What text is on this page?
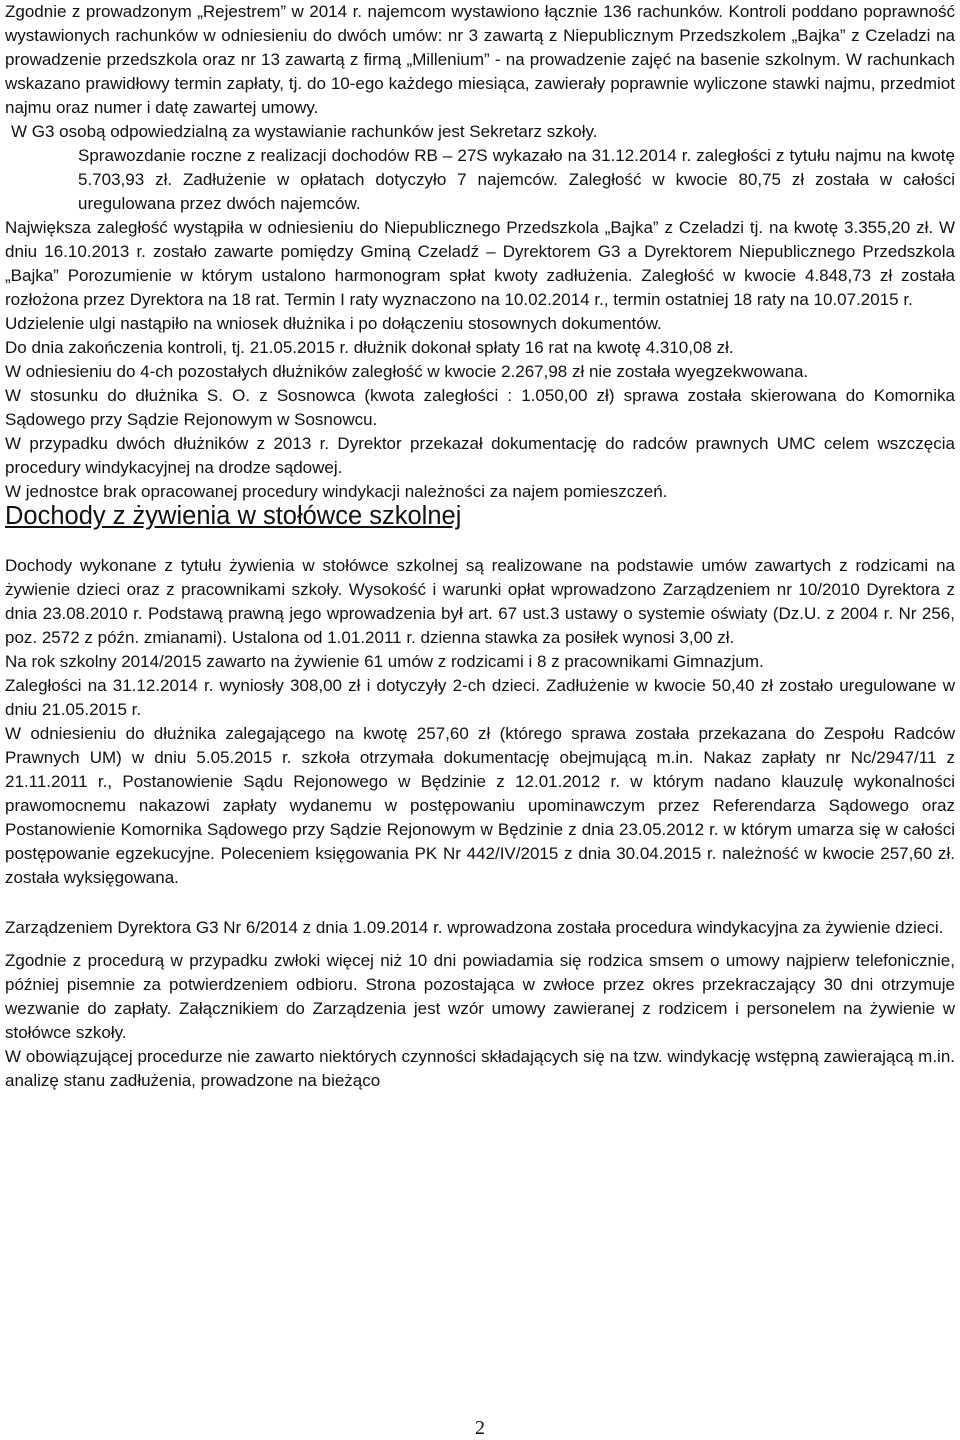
Zgodnie z prowadzonym „Rejestrem” w 2014 r. najemcom wystawiono łącznie 136 rachunków. Kontroli poddano poprawność wystawionych rachunków w odniesieniu do dwóch umów: nr 3 zawartą z Niepublicznym Przedszkolem „Bajka” z Czeladzi na prowadzenie przedszkola oraz nr 13 zawartą z firmą „Millenium” - na prowadzenie zajęć na basenie szkolnym. W rachunkach wskazano prawidłowy termin zapłaty, tj. do 10-ego każdego miesiąca, zawierały poprawnie wyliczone stawki najmu, przedmiot najmu oraz numer i datę zawartej umowy.

W G3 osobą odpowiedzialną za wystawianie rachunków jest Sekretarz szkoły.

Sprawozdanie roczne z realizacji dochodów RB – 27S wykazało na 31.12.2014 r. zaległości z tytułu najmu na kwotę 5.703,93 zł. Zadłużenie w opłatach dotyczyło 7 najemców. Zaległość w kwocie 80,75 zł została w całości uregulowana przez dwóch najemców.

Największa zaległość wystąpiła w odniesieniu do Niepublicznego Przedszkola „Bajka” z Czeladzi tj. na kwotę 3.355,20 zł. W dniu 16.10.2013 r. zostało zawarte pomiędzy Gminą Czeladź – Dyrektorem G3 a Dyrektorem Niepublicznego Przedszkola „Bajka” Porozumienie w którym ustalono harmonogram spłat kwoty zadłużenia. Zaległość w kwocie 4.848,73 zł została rozłożona przez Dyrektora na 18 rat. Termin I raty wyznaczono na 10.02.2014 r., termin ostatniej 18 raty na 10.07.2015 r.

Udzielenie ulgi nastąpiło na wniosek dłużnika i po dołączeniu stosownych dokumentów.

Do dnia zakończenia kontroli, tj. 21.05.2015 r. dłużnik dokonał spłaty 16 rat na kwotę 4.310,08 zł.

W odniesieniu do 4-ch pozostałych dłużników zaległość w kwocie 2.267,98 zł nie została wyegzekwowana.

W stosunku do dłużnika S. O. z Sosnowca (kwota zaległości : 1.050,00 zł) sprawa została skierowana do Komornika Sądowego przy Sądzie Rejonowym w Sosnowcu.

W przypadku dwóch dłużników z 2013 r. Dyrektor przekazał dokumentację do radców prawnych UMC celem wszczęcia procedury windykacyjnej na drodze sądowej.

W jednostce brak opracowanej procedury windykacji należności za najem pomieszczeń.

Dochody z żywienia w stołówce szkolnej

Dochody wykonane z tytułu żywienia w stołówce szkolnej są realizowane na podstawie umów zawartych z rodzicami na żywienie dzieci oraz z pracownikami szkoły. Wysokość i warunki opłat wprowadzono Zarządzeniem nr 10/2010 Dyrektora z dnia 23.08.2010 r. Podstawą prawną jego wprowadzenia był art. 67 ust.3 ustawy o systemie oświaty (Dz.U. z 2004 r. Nr 256, poz. 2572 z późn. zmianami). Ustalona od 1.01.2011 r. dzienna stawka za posiłek wynosi 3,00 zł.

Na rok szkolny 2014/2015 zawarto na żywienie 61 umów z rodzicami i 8 z pracownikami Gimnazjum.

Zaległości na 31.12.2014 r. wyniosły 308,00 zł i dotyczyły 2-ch dzieci. Zadłużenie w kwocie 50,40 zł zostało uregulowane w dniu 21.05.2015 r.

W odniesieniu do dłużnika zalegającego na kwotę 257,60 zł (którego sprawa została przekazana do Zespołu Radców Prawnych UM) w dniu 5.05.2015 r. szkoła otrzymała dokumentację obejmującą m.in. Nakaz zapłaty nr Nc/2947/11 z 21.11.2011 r., Postanowienie Sądu Rejonowego w Będzinie z 12.01.2012 r. w którym nadano klauzulę wykonalności prawomocnemu nakazowi zapłaty wydanemu w postępowaniu upominawczym przez Referendarza Sądowego oraz Postanowienie Komornika Sądowego przy Sądzie Rejonowym w Będzinie z dnia 23.05.2012 r. w którym umarza się w całości postępowanie egzekucyjne. Poleceniem księgowania PK Nr 442/IV/2015 z dnia 30.04.2015 r. należność w kwocie 257,60 zł. została wyksięgowana.

Zarządzeniem Dyrektora G3 Nr 6/2014 z dnia 1.09.2014 r. wprowadzona została procedura windykacyjna za żywienie dzieci.

Zgodnie z procedurą w przypadku zwłoki więcej niż 10 dni powiadamia się rodzica smsem o umowy najpierw telefonicznie, później pisemnie za potwierdzeniem odbioru. Strona pozostająca w zwłoce przez okres przekraczający 30 dni otrzymuje wezwanie do zapłaty. Załącznikiem do Zarządzenia jest wzór umowy zawieranej z rodzicem i personelem na żywienie w stołówce szkoły.

W obowiązującej procedurze nie zawarto niektórych czynności składających się na tzw. windykację wstępną zawierającą m.in. analizę stanu zadłużenia, prowadzone na bieżąco

2
